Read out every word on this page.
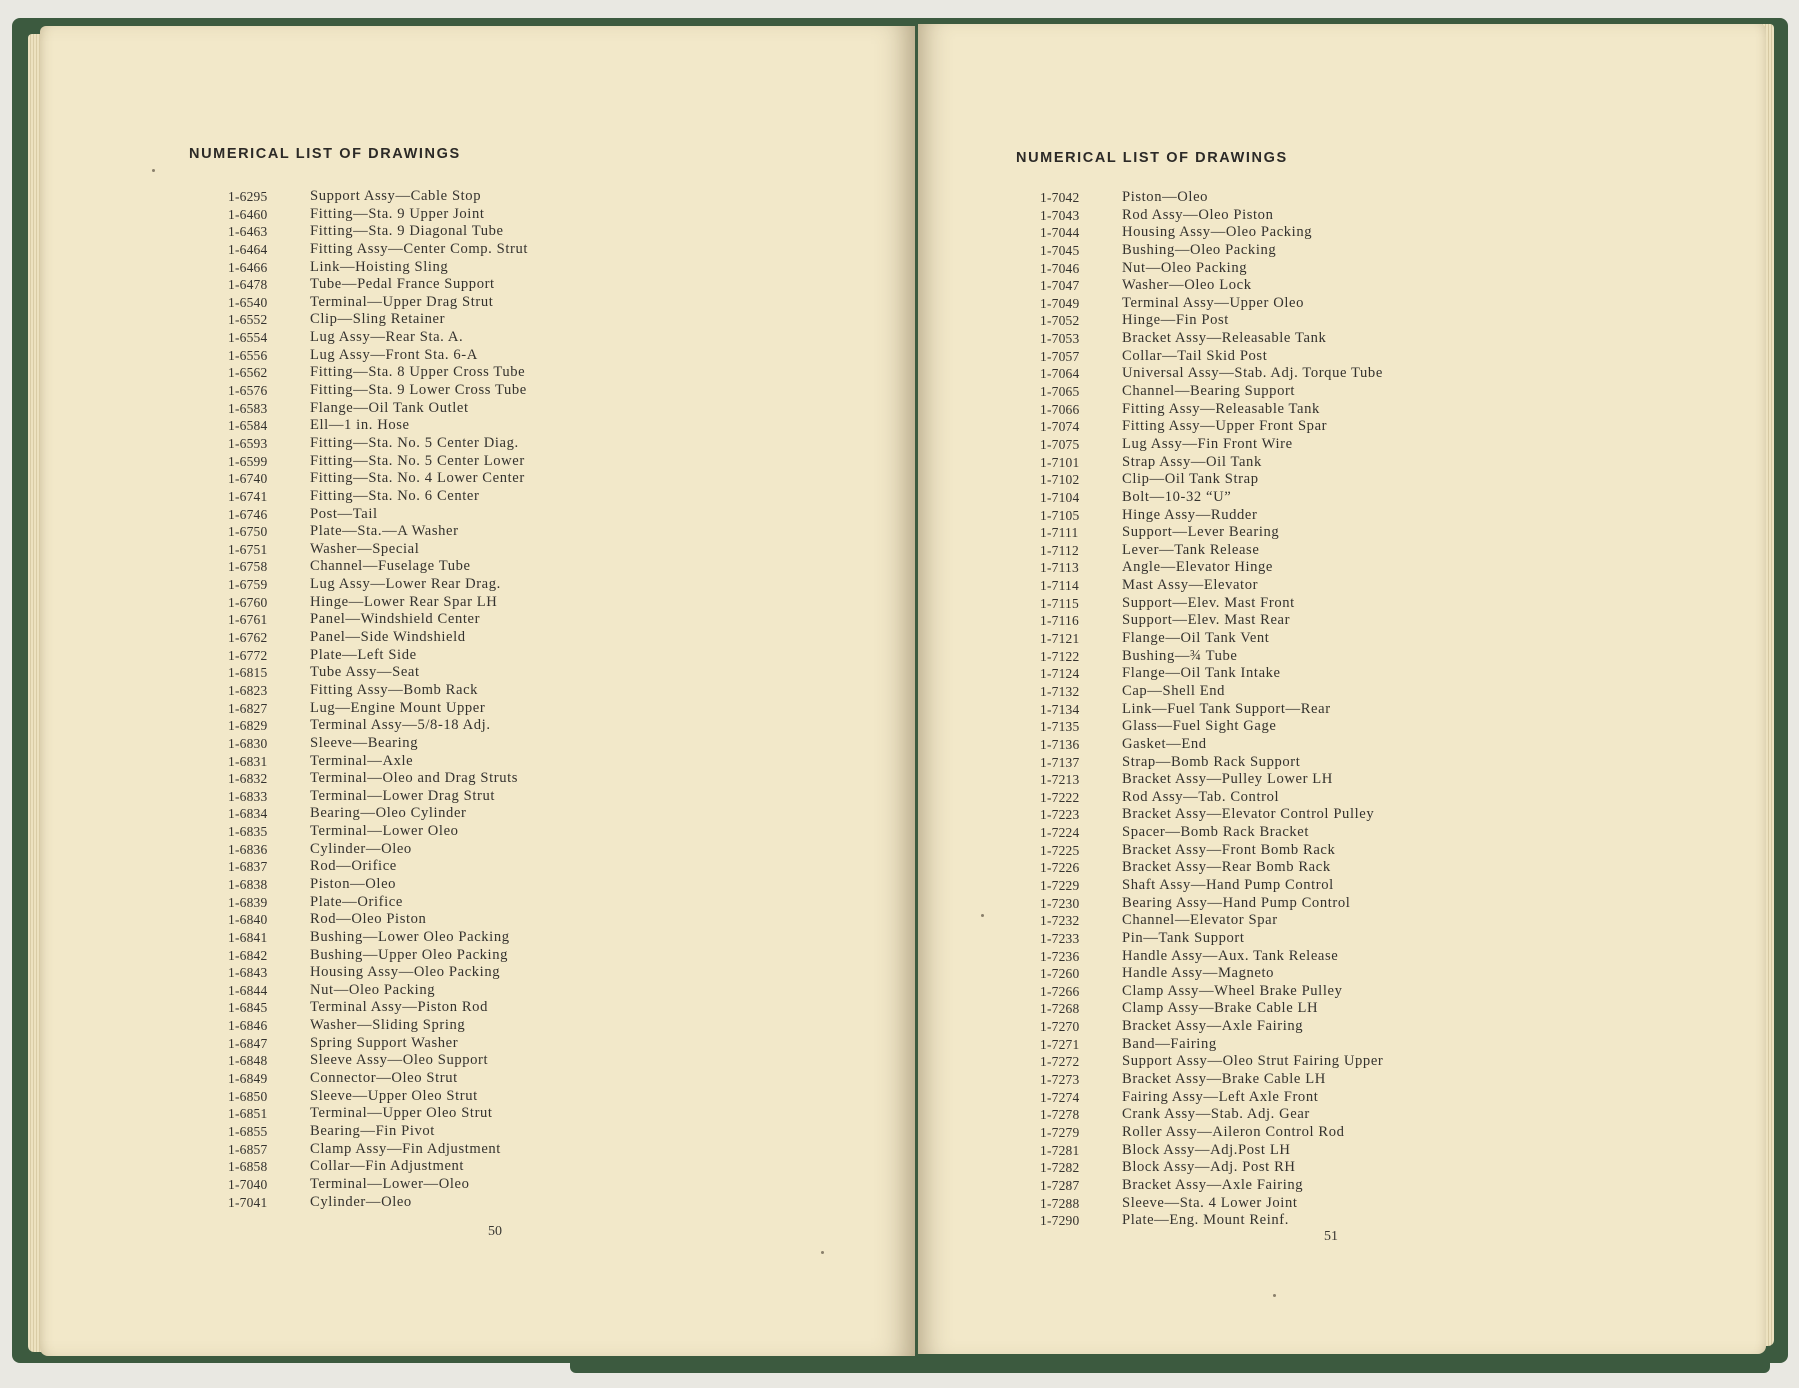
NUMERICAL LIST OF DRAWINGS
1-6295	Support Assy—Cable Stop
1-6460	Fitting—Sta. 9 Upper Joint
1-6463	Fitting—Sta. 9 Diagonal Tube
1-6464	Fitting Assy—Center Comp. Strut
1-6466	Link—Hoisting Sling
1-6478	Tube—Pedal France Support
1-6540	Terminal—Upper Drag Strut
1-6552	Clip—Sling Retainer
1-6554	Lug Assy—Rear Sta. A.
1-6556	Lug Assy—Front Sta. 6-A
1-6562	Fitting—Sta. 8 Upper Cross Tube
1-6576	Fitting—Sta. 9 Lower Cross Tube
1-6583	Flange—Oil Tank Outlet
1-6584	Ell—1 in. Hose
1-6593	Fitting—Sta. No. 5 Center Diag.
1-6599	Fitting—Sta. No. 5 Center Lower
1-6740	Fitting—Sta. No. 4 Lower Center
1-6741	Fitting—Sta. No. 6 Center
1-6746	Post—Tail
1-6750	Plate—Sta.—A Washer
1-6751	Washer—Special
1-6758	Channel—Fuselage Tube
1-6759	Lug Assy—Lower Rear Drag.
1-6760	Hinge—Lower Rear Spar LH
1-6761	Panel—Windshield Center
1-6762	Panel—Side Windshield
1-6772	Plate—Left Side
1-6815	Tube Assy—Seat
1-6823	Fitting Assy—Bomb Rack
1-6827	Lug—Engine Mount Upper
1-6829	Terminal Assy—5/8-18 Adj.
1-6830	Sleeve—Bearing
1-6831	Terminal—Axle
1-6832	Terminal—Oleo and Drag Struts
1-6833	Terminal—Lower Drag Strut
1-6834	Bearing—Oleo Cylinder
1-6835	Terminal—Lower Oleo
1-6836	Cylinder—Oleo
1-6837	Rod—Orifice
1-6838	Piston—Oleo
1-6839	Plate—Orifice
1-6840	Rod—Oleo Piston
1-6841	Bushing—Lower Oleo Packing
1-6842	Bushing—Upper Oleo Packing
1-6843	Housing Assy—Oleo Packing
1-6844	Nut—Oleo Packing
1-6845	Terminal Assy—Piston Rod
1-6846	Washer—Sliding Spring
1-6847	Spring Support Washer
1-6848	Sleeve Assy—Oleo Support
1-6849	Connector—Oleo Strut
1-6850	Sleeve—Upper Oleo Strut
1-6851	Terminal—Upper Oleo Strut
1-6855	Bearing—Fin Pivot
1-6857	Clamp Assy—Fin Adjustment
1-6858	Collar—Fin Adjustment
1-7040	Terminal—Lower—Oleo
1-7041	Cylinder—Oleo

50

NUMERICAL LIST OF DRAWINGS
1-7042	Piston—Oleo
1-7043	Rod Assy—Oleo Piston
1-7044	Housing Assy—Oleo Packing
1-7045	Bushing—Oleo Packing
1-7046	Nut—Oleo Packing
1-7047	Washer—Oleo Lock
1-7049	Terminal Assy—Upper Oleo
1-7052	Hinge—Fin Post
1-7053	Bracket Assy—Releasable Tank
1-7057	Collar—Tail Skid Post
1-7064	Universal Assy—Stab. Adj. Torque Tube
1-7065	Channel—Bearing Support
1-7066	Fitting Assy—Releasable Tank
1-7074	Fitting Assy—Upper Front Spar
1-7075	Lug Assy—Fin Front Wire
1-7101	Strap Assy—Oil Tank
1-7102	Clip—Oil Tank Strap
1-7104	Bolt—10-32 “U”
1-7105	Hinge Assy—Rudder
1-7111	Support—Lever Bearing
1-7112	Lever—Tank Release
1-7113	Angle—Elevator Hinge
1-7114	Mast Assy—Elevator
1-7115	Support—Elev. Mast Front
1-7116	Support—Elev. Mast Rear
1-7121	Flange—Oil Tank Vent
1-7122	Bushing—¾ Tube
1-7124	Flange—Oil Tank Intake
1-7132	Cap—Shell End
1-7134	Link—Fuel Tank Support—Rear
1-7135	Glass—Fuel Sight Gage
1-7136	Gasket—End
1-7137	Strap—Bomb Rack Support
1-7213	Bracket Assy—Pulley Lower LH
1-7222	Rod Assy—Tab. Control
1-7223	Bracket Assy—Elevator Control Pulley
1-7224	Spacer—Bomb Rack Bracket
1-7225	Bracket Assy—Front Bomb Rack
1-7226	Bracket Assy—Rear Bomb Rack
1-7229	Shaft Assy—Hand Pump Control
1-7230	Bearing Assy—Hand Pump Control
1-7232	Channel—Elevator Spar
1-7233	Pin—Tank Support
1-7236	Handle Assy—Aux. Tank Release
1-7260	Handle Assy—Magneto
1-7266	Clamp Assy—Wheel Brake Pulley
1-7268	Clamp Assy—Brake Cable LH
1-7270	Bracket Assy—Axle Fairing
1-7271	Band—Fairing
1-7272	Support Assy—Oleo Strut Fairing Upper
1-7273	Bracket Assy—Brake Cable LH
1-7274	Fairing Assy—Left Axle Front
1-7278	Crank Assy—Stab. Adj. Gear
1-7279	Roller Assy—Aileron Control Rod
1-7281	Block Assy—Adj.Post LH
1-7282	Block Assy—Adj. Post RH
1-7287	Bracket Assy—Axle Fairing
1-7288	Sleeve—Sta. 4 Lower Joint
1-7290	Plate—Eng. Mount Reinf.

51
